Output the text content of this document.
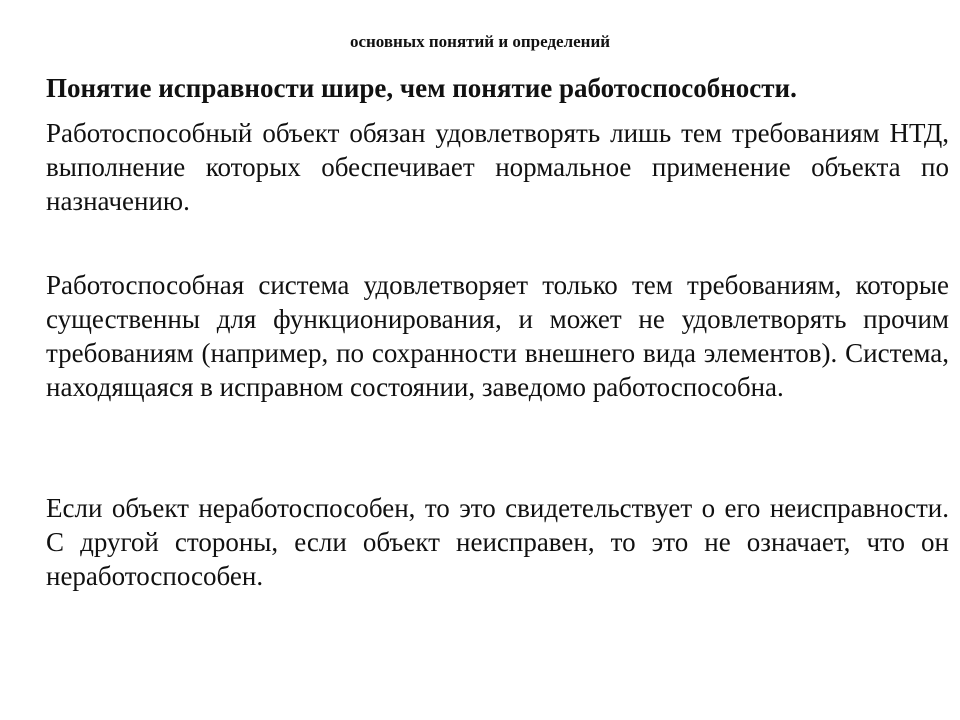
основных понятий и определений
Понятие исправности шире, чем понятие работоспособности.
Работоспособный объект обязан удовлетворять лишь тем требованиям НТД, выполнение которых обеспечивает нормальное применение объекта по назначению.
Работоспособная система удовлетворяет только тем требованиям, которые существенны для функционирования, и может не удовлетворять прочим требованиям (например, по сохранности внешнего вида элементов). Система, находящаяся в исправном состоянии, заведомо работоспособна.
Если объект неработоспособен, то это свидетельствует о его неисправности. С другой стороны, если объект неисправен, то это не означает, что он неработоспособен.
